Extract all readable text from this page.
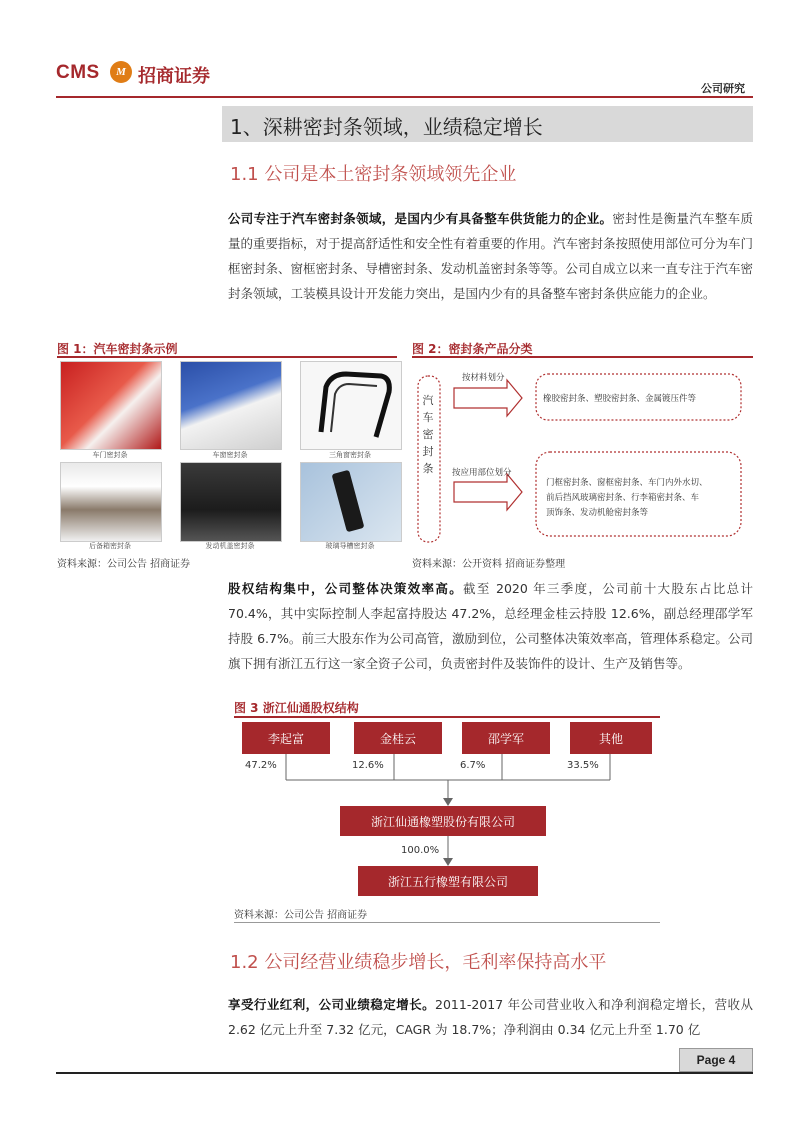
CMS	M 招商证券
公司研究
1、深耕密封条领域，业绩稳定增长
1.1 公司是本土密封条领域领先企业
公司专注于汽车密封条领域，是国内少有具备整车供货能力的企业。密封性是衡量汽车整车质量的重要指标，对于提高舒适性和安全性有着重要的作用。汽车密封条按照使用部位可分为车门框密封条、窗框密封条、导槽密封条、发动机盖密封条等等。公司自成立以来一直专注于汽车密封条领域，工装模具设计开发能力突出，是国内少有的具备整车密封条供应能力的企业。
图 1：汽车密封条示例
车门密封条	车窗密封条	三角窗密封条
后备箱密封条	发动机盖密封条	玻璃导槽密封条
资料来源：公司公告 招商证券
图 2：密封条产品分类
汽车密封条
按材料划分
按应用部位划分
橡胶密封条、塑胶密封条、金属镀压件等
门框密封条、窗框密封条、车门内外水切、
前后挡风玻璃密封条、行李箱密封条、车
顶饰条、发动机舱密封条等
资料来源：公开资料 招商证券整理
股权结构集中，公司整体决策效率高。截至 2020 年三季度，公司前十大股东占比总计 70.4%，其中实际控制人李起富持股达 47.2%，总经理金桂云持股 12.6%，副总经理邵学军持股 6.7%。前三大股东作为公司高管，激励到位，公司整体决策效率高，管理体系稳定。公司旗下拥有浙江五行这一家全资子公司，负责密封件及装饰件的设计、生产及销售等。
图 3 浙江仙通股权结构
李起富	金桂云	邵学军	其他
47.2%	12.6%	6.7%	33.5%
浙江仙通橡塑股份有限公司
100.0%
浙江五行橡塑有限公司
资料来源：公司公告 招商证券
1.2 公司经营业绩稳步增长，毛利率保持高水平
享受行业红利，公司业绩稳定增长。2011-2017 年公司营业收入和净利润稳定增长，营收从 2.62 亿元上升至 7.32 亿元，CAGR 为 18.7%；净利润由 0.34 亿元上升至 1.70 亿
Page 4
